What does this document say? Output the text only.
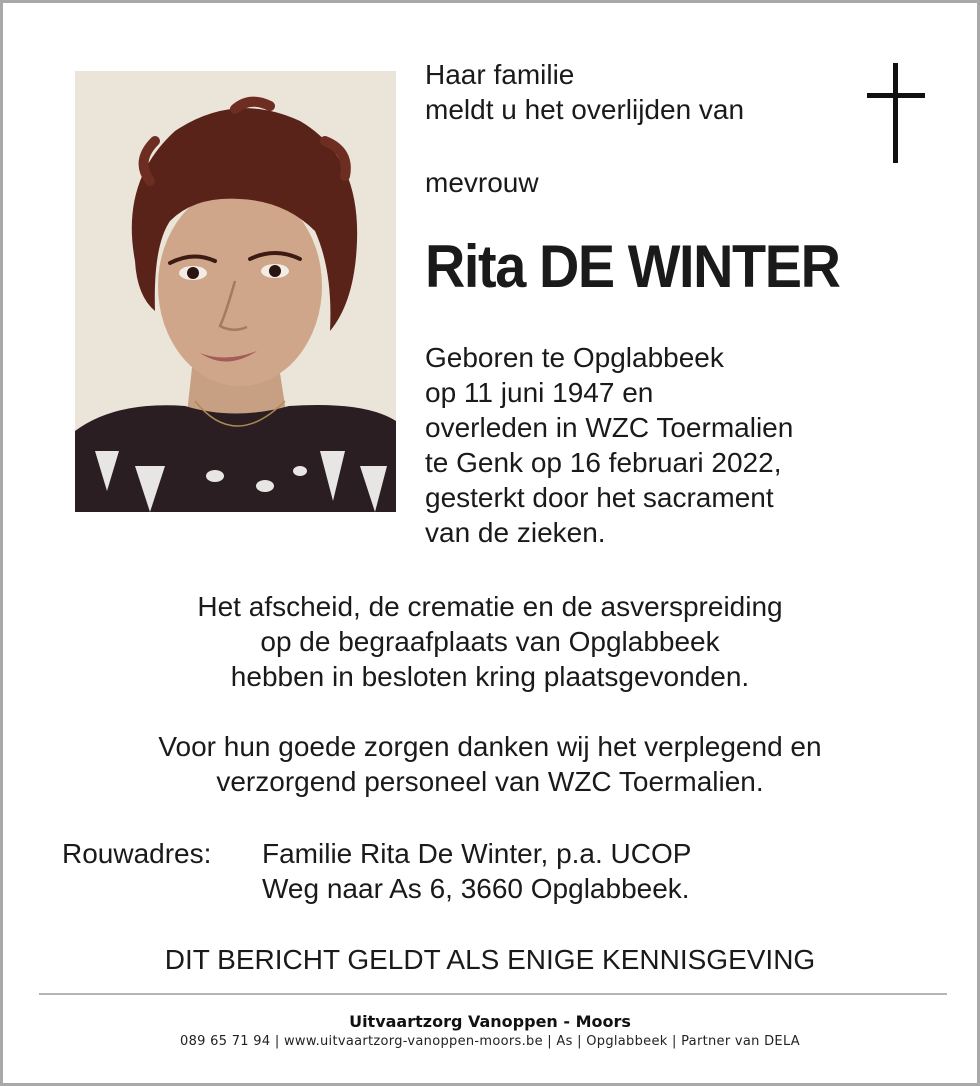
Haar familie
meldt u het overlijden van
mevrouw
Rita DE WINTER
Geboren te Opglabbeek
op 11 juni 1947 en
overleden in WZC Toermalien
te Genk op 16 februari 2022,
gesterkt door het sacrament
van de zieken.
Het afscheid, de crematie en de asverspreiding
op de begraafplaats van Opglabbeek
hebben in besloten kring plaatsgevonden.
Voor hun goede zorgen danken wij het verplegend en
verzorgend personeel van WZC Toermalien.
Rouwadres: Familie Rita De Winter, p.a. UCOP
Weg naar As 6, 3660 Opglabbeek.
DIT BERICHT GELDT ALS ENIGE KENNISGEVING
Uitvaartzorg Vanoppen - Moors
089 65 71 94 | www.uitvaartzorg-vanoppen-moors.be | As | Opglabbeek | Partner van DELA
